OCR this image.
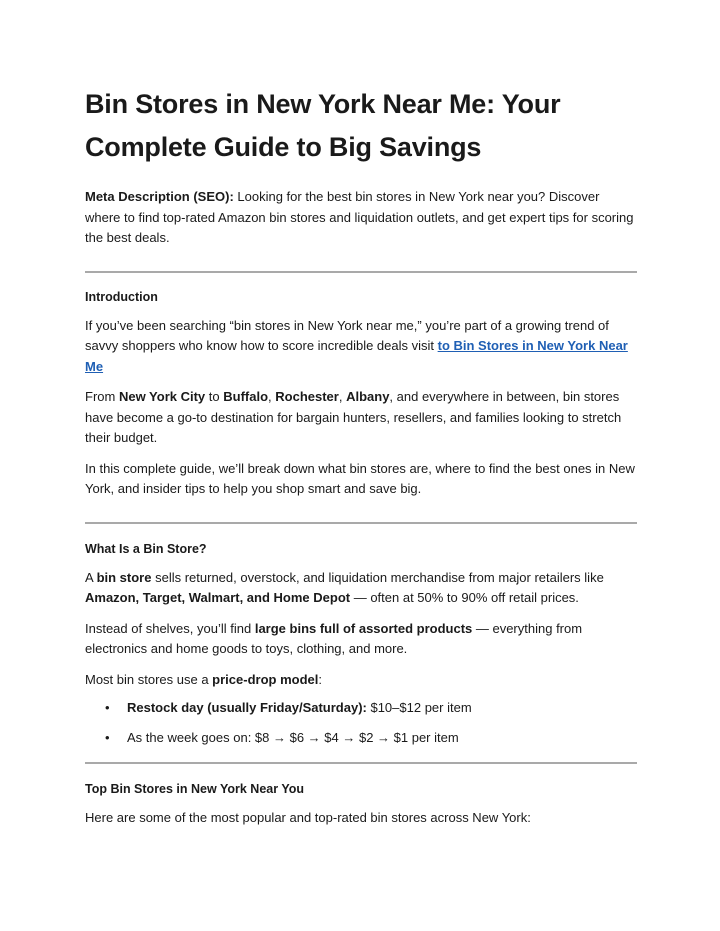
Bin Stores in New York Near Me: Your Complete Guide to Big Savings

Meta Description (SEO): Looking for the best bin stores in New York near you? Discover where to find top-rated Amazon bin stores and liquidation outlets, and get expert tips for scoring the best deals.

Introduction

If you’ve been searching “bin stores in New York near me,” you’re part of a growing trend of savvy shoppers who know how to score incredible deals visit to Bin Stores in New York Near Me

From New York City to Buffalo, Rochester, Albany, and everywhere in between, bin stores have become a go-to destination for bargain hunters, resellers, and families looking to stretch their budget.

In this complete guide, we’ll break down what bin stores are, where to find the best ones in New York, and insider tips to help you shop smart and save big.

What Is a Bin Store?

A bin store sells returned, overstock, and liquidation merchandise from major retailers like Amazon, Target, Walmart, and Home Depot — often at 50% to 90% off retail prices.

Instead of shelves, you’ll find large bins full of assorted products — everything from electronics and home goods to toys, clothing, and more.

Most bin stores use a price-drop model:

• Restock day (usually Friday/Saturday): $10–$12 per item
• As the week goes on: $8 → $6 → $4 → $2 → $1 per item

Top Bin Stores in New York Near You

Here are some of the most popular and top-rated bin stores across New York:
